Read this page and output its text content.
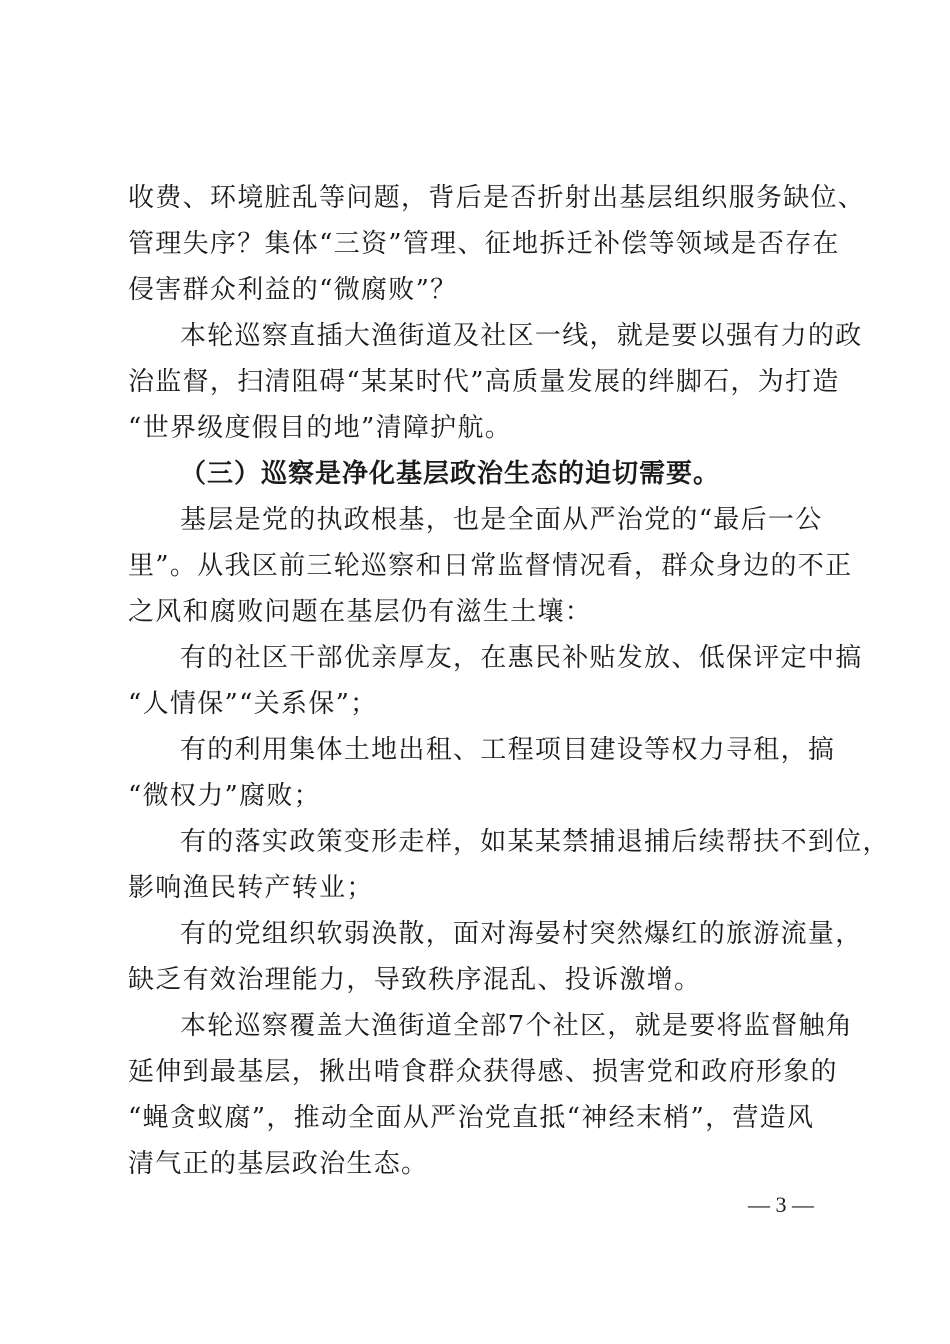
收费、环境脏乱等问题，背后是否折射出基层组织服务缺位、
管理失序？集体“三资”管理、征地拆迁补偿等领域是否存在
侵害群众利益的“微腐败”？
本轮巡察直插大渔街道及社区一线，就是要以强有力的政
治监督，扫清阻碍“某某时代”高质量发展的绊脚石，为打造
“世界级度假目的地”清障护航。
（三）巡察是净化基层政治生态的迫切需要。
基层是党的执政根基，也是全面从严治党的“最后一公
里”。从我区前三轮巡察和日常监督情况看，群众身边的不正
之风和腐败问题在基层仍有滋生土壤：
有的社区干部优亲厚友，在惠民补贴发放、低保评定中搞
“人情保”“关系保”；
有的利用集体土地出租、工程项目建设等权力寻租，搞
“微权力”腐败；
有的落实政策变形走样，如某某禁捕退捕后续帮扶不到位，
影响渔民转产转业；
有的党组织软弱涣散，面对海晏村突然爆红的旅游流量，
缺乏有效治理能力，导致秩序混乱、投诉激增。
本轮巡察覆盖大渔街道全部7个社区，就是要将监督触角
延伸到最基层，揪出啃食群众获得感、损害党和政府形象的
“蝇贪蚁腐”，推动全面从严治党直抵“神经末梢”，营造风
清气正的基层政治生态。
— 3 —
